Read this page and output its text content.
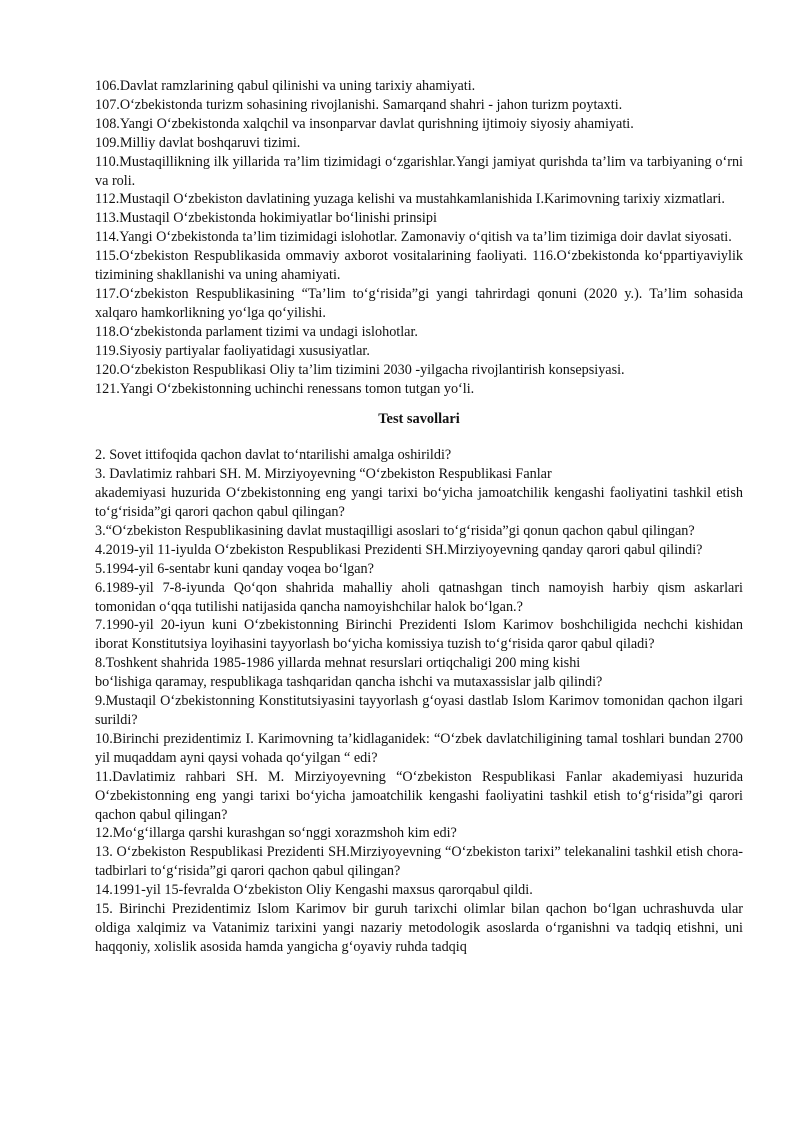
106.Davlat ramzlarining qabul qilinishi va uning tarixiy ahamiyati.

107.O‘zbekistonda turizm sohasining rivojlanishi. Samarqand shahri - jahon turizm poytaxti.

108.Yangi O‘zbekistonda xalqchil va insonparvar davlat qurishning ijtimoiy siyosiy ahamiyati.

109.Milliy davlat boshqaruvi tizimi.

110.Mustaqillikning ilk yillarida тa’lim tizimidagi o‘zgarishlar.Yangi jamiyat qurishda ta’lim va tarbiyaning o‘rni va roli.

112.Mustaqil O‘zbekiston davlatining yuzaga kelishi va mustahkamlanishida I.Karimovning tarixiy xizmatlari.

113.Mustaqil O‘zbekistonda hokimiyatlar bo‘linishi prinsipi

114.Yangi O‘zbekistonda ta’lim tizimidagi islohotlar. Zamonaviy o‘qitish va ta’lim tizimiga doir davlat siyosati.

115.O‘zbekiston Respublikasida ommaviy axborot vositalarining faoliyati. 116.O‘zbekistonda ko‘ppartiyaviylik tizimining shakllanishi va uning ahamiyati.

117.O‘zbekiston Respublikasining “Ta’lim to‘g‘risida”gi yangi tahrirdagi qonuni (2020 y.). Ta’lim sohasida xalqaro hamkorlikning yo‘lga qo‘yilishi.

118.O‘zbekistonda parlament tizimi va undagi islohotlar.

119.Siyosiy partiyalar faoliyatidagi xususiyatlar.

120.O‘zbekiston Respublikasi Oliy ta’lim tizimini 2030 -yilgacha rivojlantirish konsepsiyasi.

121.Yangi O‘zbekistonning uchinchi renessans tomon tutgan yo‘li.

Test savollari

2. Sovet ittifoqida qachon davlat to‘ntarilishi amalga oshirildi?

3. Davlatimiz rahbari SH. M. Mirziyoyevning “O‘zbekiston Respublikasi Fanlar

akademiyasi huzurida O‘zbekistonning eng yangi tarixi bo‘yicha jamoatchilik kengashi faoliyatini tashkil etish to‘g‘risida”gi qarori qachon qabul qilingan?

3.“O‘zbekiston Respublikasining davlat mustaqilligi asoslari to‘g‘risida”gi qonun qachon qabul qilingan?

4.2019-yil 11-iyulda O‘zbekiston Respublikasi Prezidenti SH.Mirziyoyevning qanday qarori qabul qilindi?

5.1994-yil 6-sentabr kuni qanday voqea bo‘lgan?

6.1989-yil 7-8-iyunda Qo‘qon shahrida mahalliy aholi qatnashgan tinch namoyish harbiy qism askarlari tomonidan o‘qqa tutilishi natijasida qancha namoyishchilar halok bo‘lgan.?

7.1990-yil 20-iyun kuni O‘zbekistonning Birinchi Prezidenti Islom Karimov boshchiligida nechchi kishidan iborat Konstitutsiya loyihasini tayyorlash bo‘yicha komissiya tuzish to‘g‘risida qaror qabul qiladi?

8.Toshkent shahrida 1985-1986 yillarda mehnat resurslari ortiqchaligi 200 ming kishi

bo‘lishiga qaramay, respublikaga tashqaridan qancha ishchi va mutaxassislar jalb qilindi?

9.Mustaqil O‘zbekistonning Konstitutsiyasini tayyorlash g‘oyasi dastlab Islom Karimov tomonidan qachon ilgari surildi?

10.Birinchi prezidentimiz I. Karimovning ta’kidlaganidek: “O‘zbek davlatchiligining tamal toshlari bundan 2700 yil muqaddam ayni qaysi vohada qo‘yilgan “ edi?

11.Davlatimiz rahbari SH. M. Mirziyoyevning “O‘zbekiston Respublikasi Fanlar akademiyasi huzurida O‘zbekistonning eng yangi tarixi bo‘yicha jamoatchilik kengashi faoliyatini tashkil etish to‘g‘risida”gi qarori qachon qabul qilingan?

12.Mo‘g‘illarga qarshi kurashgan so‘nggi xorazmshoh kim edi?

13. O‘zbekiston Respublikasi Prezidenti SH.Mirziyoyevning “O‘zbekiston tarixi” telekanalini tashkil etish chora-tadbirlari to‘g‘risida”gi qarori qachon qabul qilingan?

14.1991-yil 15-fevralda O‘zbekiston Oliy Kengashi maxsus qarorqabul qildi.

15. Birinchi Prezidentimiz Islom Karimov bir guruh tarixchi olimlar bilan qachon bo‘lgan uchrashuvda ular oldiga xalqimiz va Vatanimiz tarixini yangi nazariy metodologik asoslarda o‘rganishni va tadqiq etishni, uni haqqoniy, xolislik asosida hamda yangicha g‘oyaviy ruhda tadqiq
